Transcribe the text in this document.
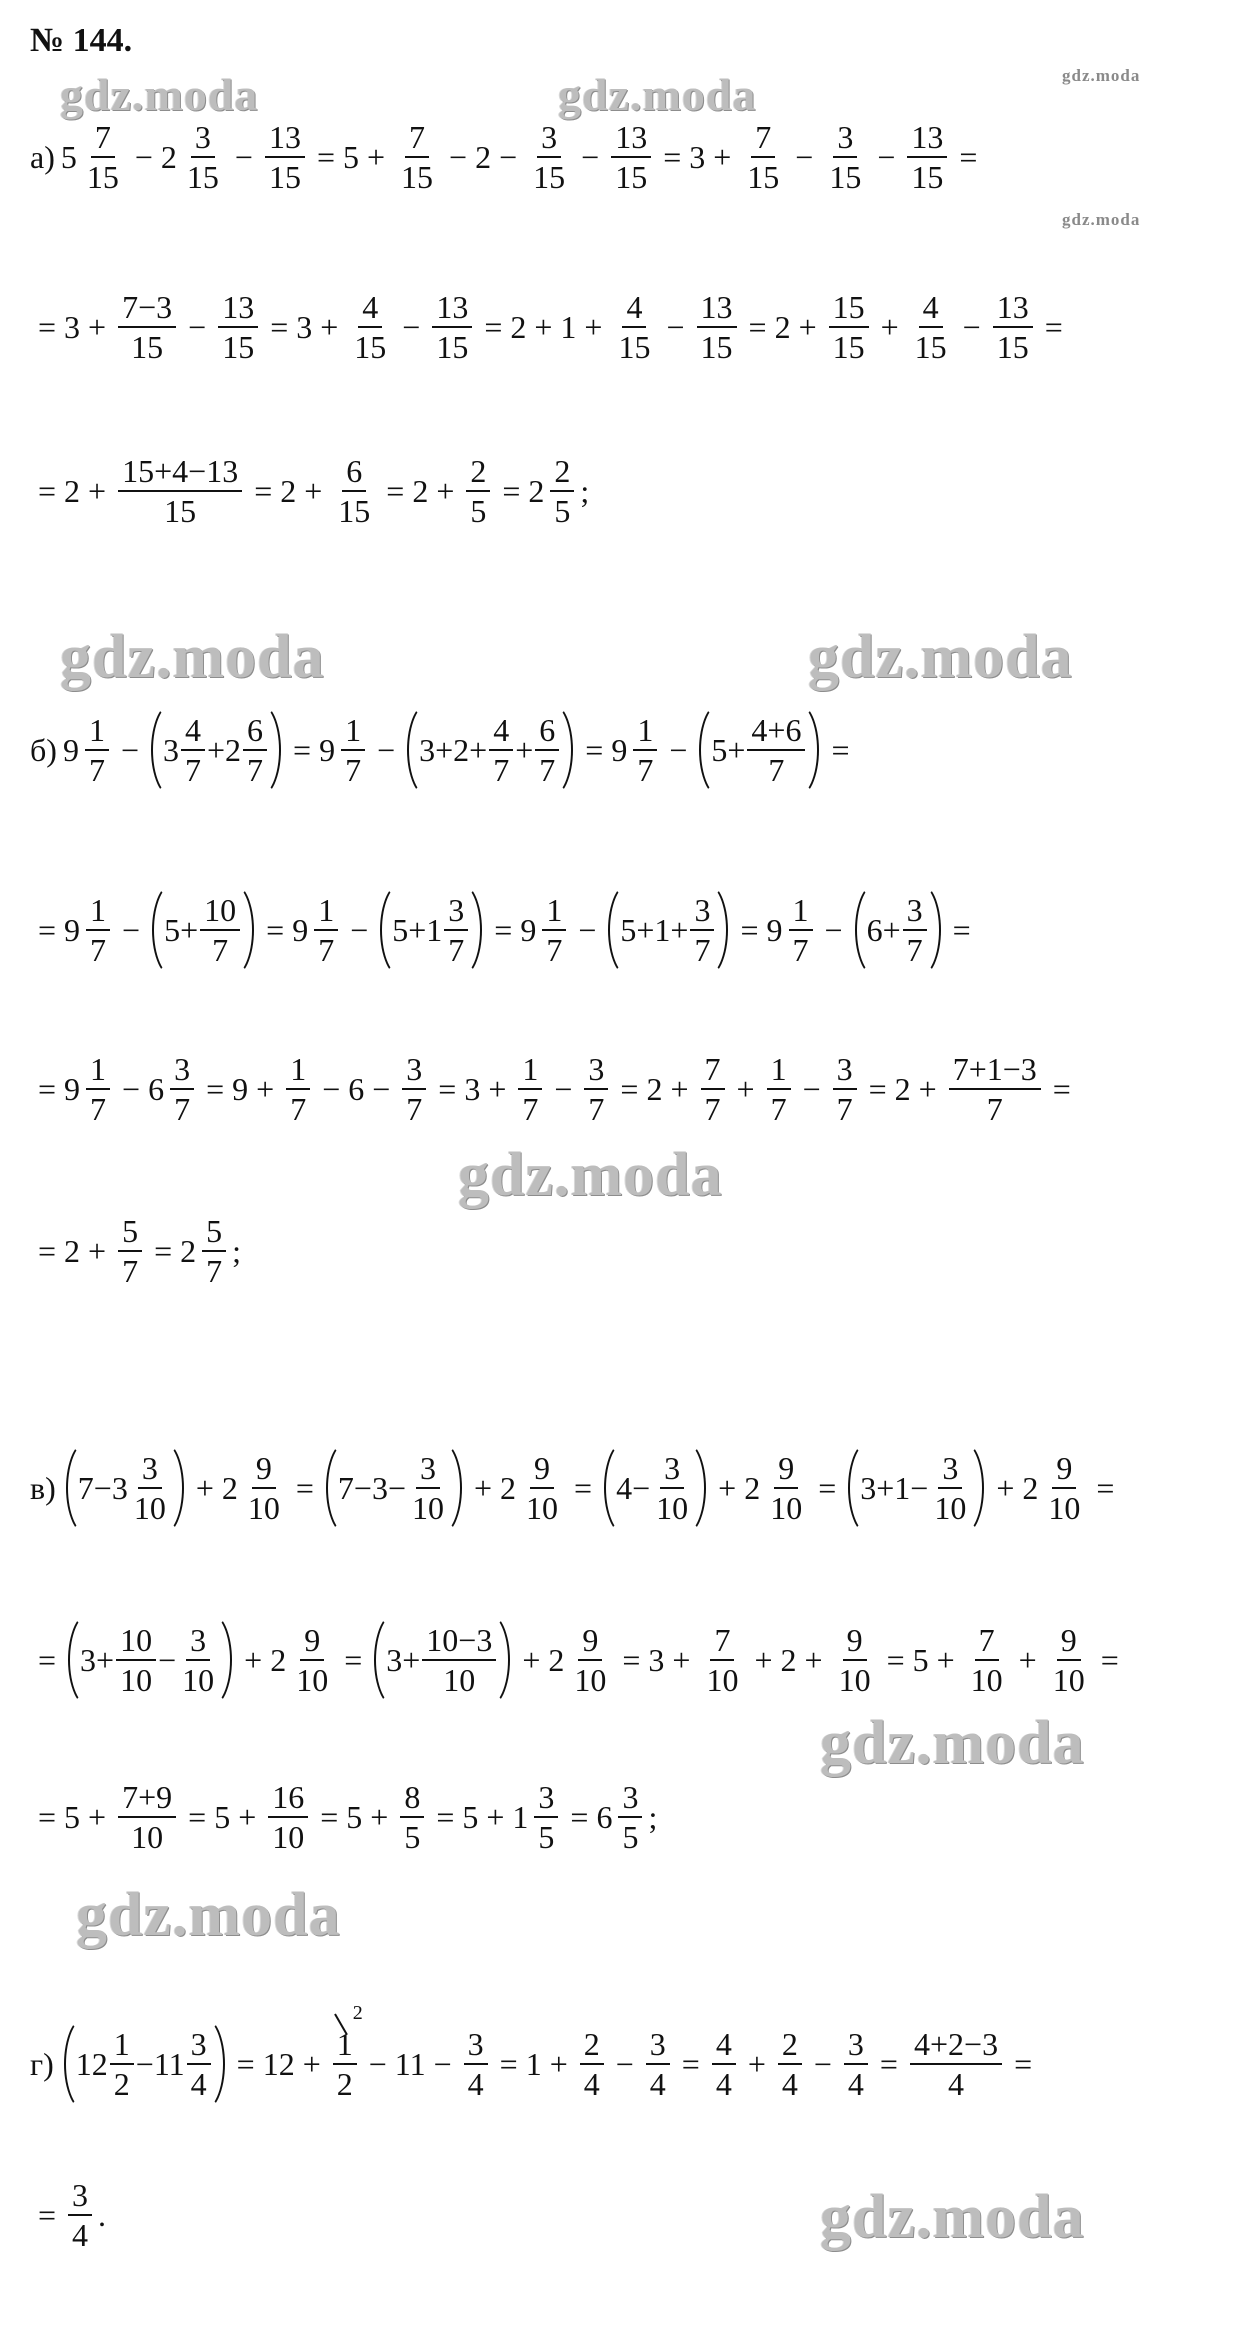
№ 144.
gdz.moda	gdz.moda	gdz.moda
gdz.moda
gdz.moda	gdz.moda
gdz.moda
gdz.moda
gdz.moda
gdz.moda
а) $5 \frac{7}{15} - 2 \frac{3}{15} - \frac{13}{15} = 5 + \frac{7}{15} - 2 - \frac{3}{15} - \frac{13}{15} = 3 + \frac{7}{15} - \frac{3}{15} - \frac{13}{15}$ =
= $3 + \frac{7-3}{15} - \frac{13}{15} = 3 + \frac{4}{15} - \frac{13}{15} = 2 + 1 + \frac{4}{15} - \frac{13}{15} = 2 + \frac{15}{15} + \frac{4}{15} - \frac{13}{15}$ =
= $2 + \frac{15+4-13}{15} = 2 + \frac{6}{15} = 2 + \frac{2}{5} = 2 \frac{2}{5}$ ;
б) $9 \frac{1}{7} - 3 \frac{4}{7} + 2 \frac{6}{7} = 9 \frac{1}{7} - 3+2+ \frac{4}{7} + \frac{6}{7} = 9 \frac{1}{7} - 5+ \frac{4+6}{7}$ =
= $9 \frac{1}{7} - 5+ \frac{10}{7} = 9 \frac{1}{7} - 5+1 \frac{3}{7} = 9 \frac{1}{7} - 5+1+ \frac{3}{7} = 9 \frac{1}{7} - 6+ \frac{3}{7}$ =
= $9 \frac{1}{7} - 6 \frac{3}{7} = 9 + \frac{1}{7} - 6 - \frac{3}{7} = 3 + \frac{1}{7} - \frac{3}{7} = 2 + \frac{7}{7} + \frac{1}{7} - \frac{3}{7} = 2 + \frac{7+1-3}{7}$ =
= $2 + \frac{5}{7} = 2 \frac{5}{7}$ ;
в) $7-3 \frac{3}{10} + 2 \frac{9}{10} = 7-3- \frac{3}{10} + 2 \frac{9}{10} = 4- \frac{3}{10} + 2 \frac{9}{10} = 3+1- \frac{3}{10} + 2 \frac{9}{10}$ =
= $3+ \frac{10}{10} - \frac{3}{10} + 2 \frac{9}{10} = 3+ \frac{10-3}{10} + 2 \frac{9}{10} = 3 + \frac{7}{10} + 2 + \frac{9}{10} = 5 + \frac{7}{10} + \frac{9}{10}$ =
= $5 + \frac{7+9}{10} = 5 + \frac{16}{10} = 5 + \frac{8}{5} = 5 + 1 \frac{3}{5} = 6 \frac{3}{5}$ ;
г) $12 \frac{1}{2} - 11 \frac{3}{4} = 12 + 1$
2
$2 - 11 - \frac{3}{4} = 1 + \frac{2}{4} - \frac{3}{4} = \frac{4}{4} + \frac{2}{4} - \frac{3}{4} = \frac{4+2-3}{4}$ =
= $\frac{3}{4}$ .
